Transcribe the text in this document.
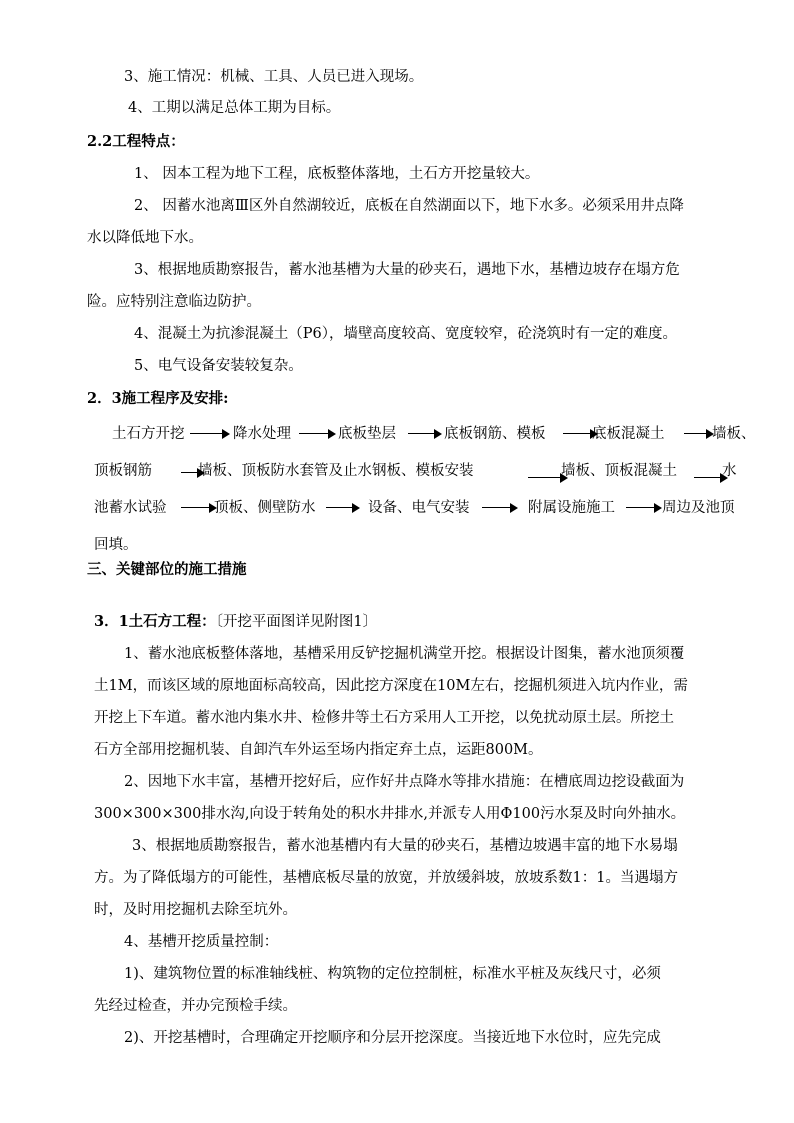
3、施工情况：机械、工具、人员已进入现场。
4、工期以满足总体工期为目标。
2.2工程特点：
1、 因本工程为地下工程，底板整体落地，土石方开挖量较大。
2、 因蓄水池离Ⅲ区外自然湖较近，底板在自然湖面以下，地下水多。必须采用井点降
水以降低地下水。
3、根据地质勘察报告，蓄水池基槽为大量的砂夹石，遇地下水，基槽边坡存在塌方危
险。应特别注意临边防护。
4、混凝土为抗渗混凝土（P6），墙壁高度较高、宽度较窄，砼浇筑时有一定的难度。
5、电气设备安装较复杂。
2．3施工程序及安排:
土石方开挖	降水处理	底板垫层	底板钢筋、模板	底板混凝土	墙板、
顶板钢筋	墙板、顶板防水套管及止水钢板、模板安装	墙板、顶板混凝土	水
池蓄水试验	顶板、侧壁防水	设备、电气安装	附属设施施工	周边及池顶
回填。
三、关键部位的施工措施
3．1土石方工程：〔开挖平面图详见附图1〕
1、蓄水池底板整体落地，基槽采用反铲挖掘机满堂开挖。根据设计图集，蓄水池顶须覆
土1M，而该区域的原地面标高较高，因此挖方深度在10M左右，挖掘机须进入坑内作业，需
开挖上下车道。蓄水池内集水井、检修井等土石方采用人工开挖，以免扰动原土层。所挖土
石方全部用挖掘机装、自卸汽车外运至场内指定弃土点，运距800M。
2、因地下水丰富，基槽开挖好后，应作好井点降水等排水措施：在槽底周边挖设截面为
300×300×300排水沟,向设于转角处的积水井排水,并派专人用Φ100污水泵及时向外抽水。
3、根据地质勘察报告，蓄水池基槽内有大量的砂夹石，基槽边坡遇丰富的地下水易塌
方。为了降低塌方的可能性，基槽底板尽量的放宽，并放缓斜坡，放坡系数1：1。当遇塌方
时，及时用挖掘机去除至坑外。
4、基槽开挖质量控制：
1)、建筑物位置的标准轴线桩、构筑物的定位控制桩，标准水平桩及灰线尺寸，必须
先经过检查，并办完预检手续。
2)、开挖基槽时，合理确定开挖顺序和分层开挖深度。当接近地下水位时，应先完成
